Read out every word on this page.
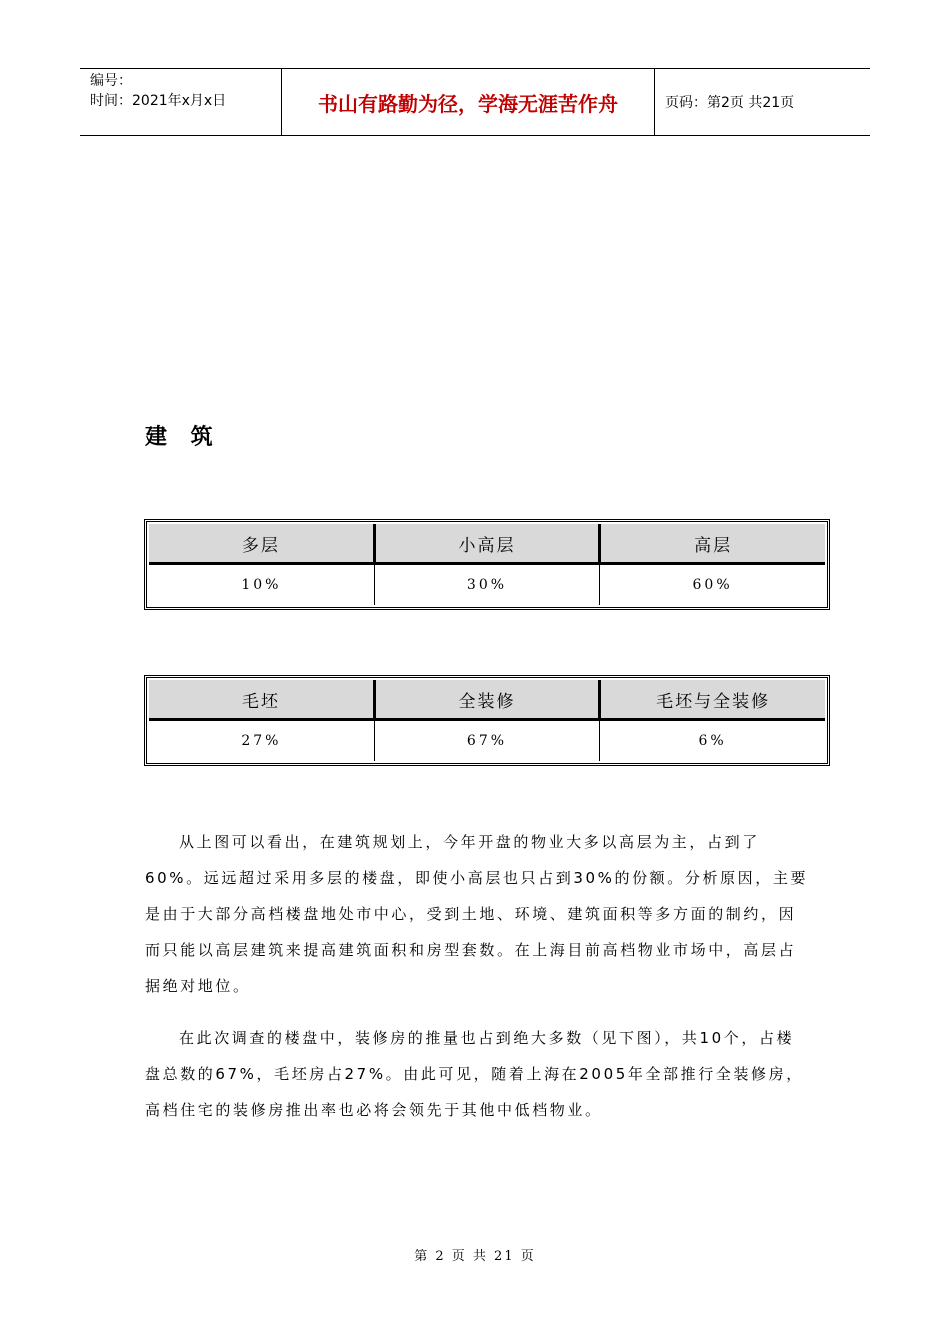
编号：
时间：2021年x月x日	书山有路勤为径，学海无涯苦作舟	页码：第2页 共21页
建 筑
多层	小高层	高层
10%	30%	60%
毛坯	全装修	毛坯与全装修
27%	67%	6%

从上图可以看出，在建筑规划上，今年开盘的物业大多以高层为主，占到了60%。远远超过采用多层的楼盘，即使小高层也只占到30%的份额。分析原因，主要是由于大部分高档楼盘地处市中心，受到土地、环境、建筑面积等多方面的制约，因而只能以高层建筑来提高建筑面积和房型套数。在上海目前高档物业市场中，高层占据绝对地位。

在此次调查的楼盘中，装修房的推量也占到绝大多数（见下图），共10个，占楼盘总数的67%，毛坯房占27%。由此可见，随着上海在2005年全部推行全装修房，高档住宅的装修房推出率也必将会领先于其他中低档物业。

第 2 页 共 21 页
